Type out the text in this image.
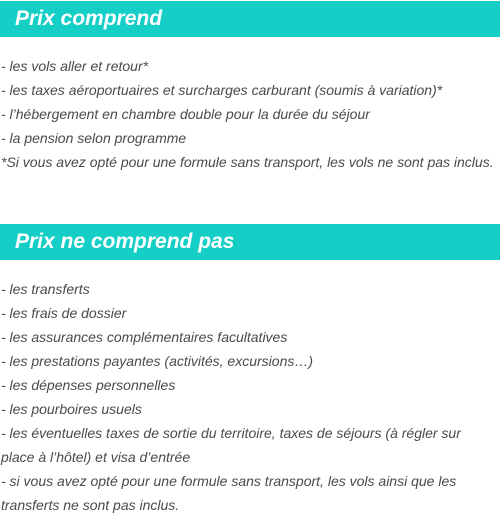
Prix comprend
- les vols aller et retour*
- les taxes aéroportuaires et surcharges carburant (soumis à variation)*
- l’hébergement en chambre double pour la durée du séjour
- la pension selon programme
*Si vous avez opté pour une formule sans transport, les vols ne sont pas inclus.
Prix ne comprend pas
- les transferts
- les frais de dossier
- les assurances complémentaires facultatives
- les prestations payantes (activités, excursions…)
- les dépenses personnelles
- les pourboires usuels
- les éventuelles taxes de sortie du territoire, taxes de séjours (à régler sur place à l’hôtel) et visa d’entrée
- si vous avez opté pour une formule sans transport, les vols ainsi que les transferts ne sont pas inclus.
